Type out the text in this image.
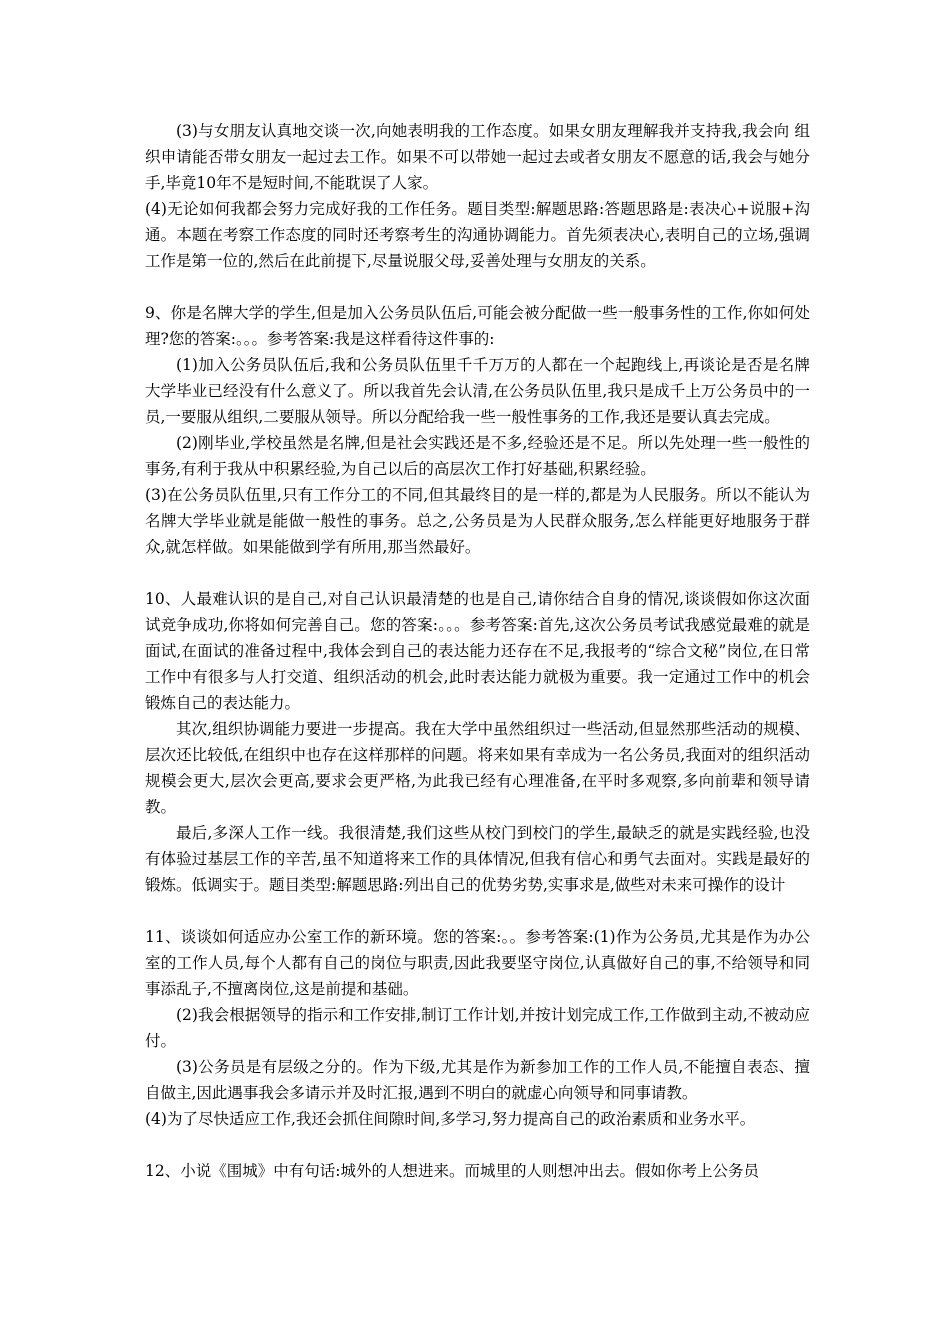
(3)与女朋友认真地交谈一次,向她表明我的工作态度。如果女朋友理解我并支持我,我会向 组织申请能否带女朋友一起过去工作。如果不可以带她一起过去或者女朋友不愿意的话,我会与她分 手,毕竟10年不是短时间,不能耽误了人家。

(4)无论如何我都会努力完成好我的工作任务。题目类型:解题思路:答题思路是:表决心+说服+沟通。本题在考察工作态度的同时还考察考生的沟通协调能力。首先须表决心,表明自己的立场,强调工作是第一位的,然后在此前提下,尽量说服父母,妥善处理与女朋友的关系。

9、你是名牌大学的学生,但是加入公务员队伍后,可能会被分配做一些一般事务性的工作,你如何处理?您的答案:。。。参考答案:我是这样看待这件事的:

(1)加入公务员队伍后,我和公务员队伍里千千万万的人都在一个起跑线上,再谈论是否是名牌大学毕业已经没有什么意义了。所以我首先会认清,在公务员队伍里,我只是成千上万公务员中的一员,一要服从组织,二要服从领导。所以分配给我一些一般性事务的工作,我还是要认真去完成。

(2)刚毕业,学校虽然是名牌,但是社会实践还是不多,经验还是不足。所以先处理一些一般性的事务,有利于我从中积累经验,为自己以后的高层次工作打好基础,积累经验。

(3)在公务员队伍里,只有工作分工的不同,但其最终目的是一样的,都是为人民服务。所以不能认为名牌大学毕业就是能做一般性的事务。总之,公务员是为人民群众服务,怎么样能更好地服务于群众,就怎样做。如果能做到学有所用,那当然最好。

10、人最难认识的是自己,对自己认识最清楚的也是自己,请你结合自身的情况,谈谈假如你这次面试竞争成功,你将如何完善自己。您的答案:。。。参考答案:首先,这次公务员考试我感觉最难的就是面试,在面试的准备过程中,我体会到自己的表达能力还存在不足,我报考的“综合文秘”岗位,在日常工作中有很多与人打交道、组织活动的机会,此时表达能力就极为重要。我一定通过工作中的机会锻炼自己的表达能力。

其次,组织协调能力要进一步提高。我在大学中虽然组织过一些活动,但显然那些活动的规模、层次还比较低,在组织中也存在这样那样的问题。将来如果有幸成为一名公务员,我面对的组织活动规模会更大,层次会更高,要求会更严格,为此我已经有心理准备,在平时多观察,多向前辈和领导请教。

最后,多深人工作一线。我很清楚,我们这些从校门到校门的学生,最缺乏的就是实践经验,也没有体验过基层工作的辛苦,虽不知道将来工作的具体情况,但我有信心和勇气去面对。实践是最好的锻炼。低调实于。题目类型:解题思路:列出自己的优势劣势,实事求是,做些对未来可操作的设计

11、谈谈如何适应办公室工作的新环境。您的答案:。。参考答案:(1)作为公务员,尤其是作为办公室的工作人员,每个人都有自己的岗位与职责,因此我要坚守岗位,认真做好自己的事,不给领导和同事添乱子,不擅离岗位,这是前提和基础。

(2)我会根据领导的指示和工作安排,制订工作计划,并按计划完成工作,工作做到主动,不被动应付。

(3)公务员是有层级之分的。作为下级,尤其是作为新参加工作的工作人员,不能擅自表态、擅自做主,因此遇事我会多请示并及时汇报,遇到不明白的就虚心向领导和同事请教。

(4)为了尽快适应工作,我还会抓住间隙时间,多学习,努力提高自己的政治素质和业务水平。

12、小说《围城》中有句话:城外的人想进来。而城里的人则想冲出去。假如你考上公务员
